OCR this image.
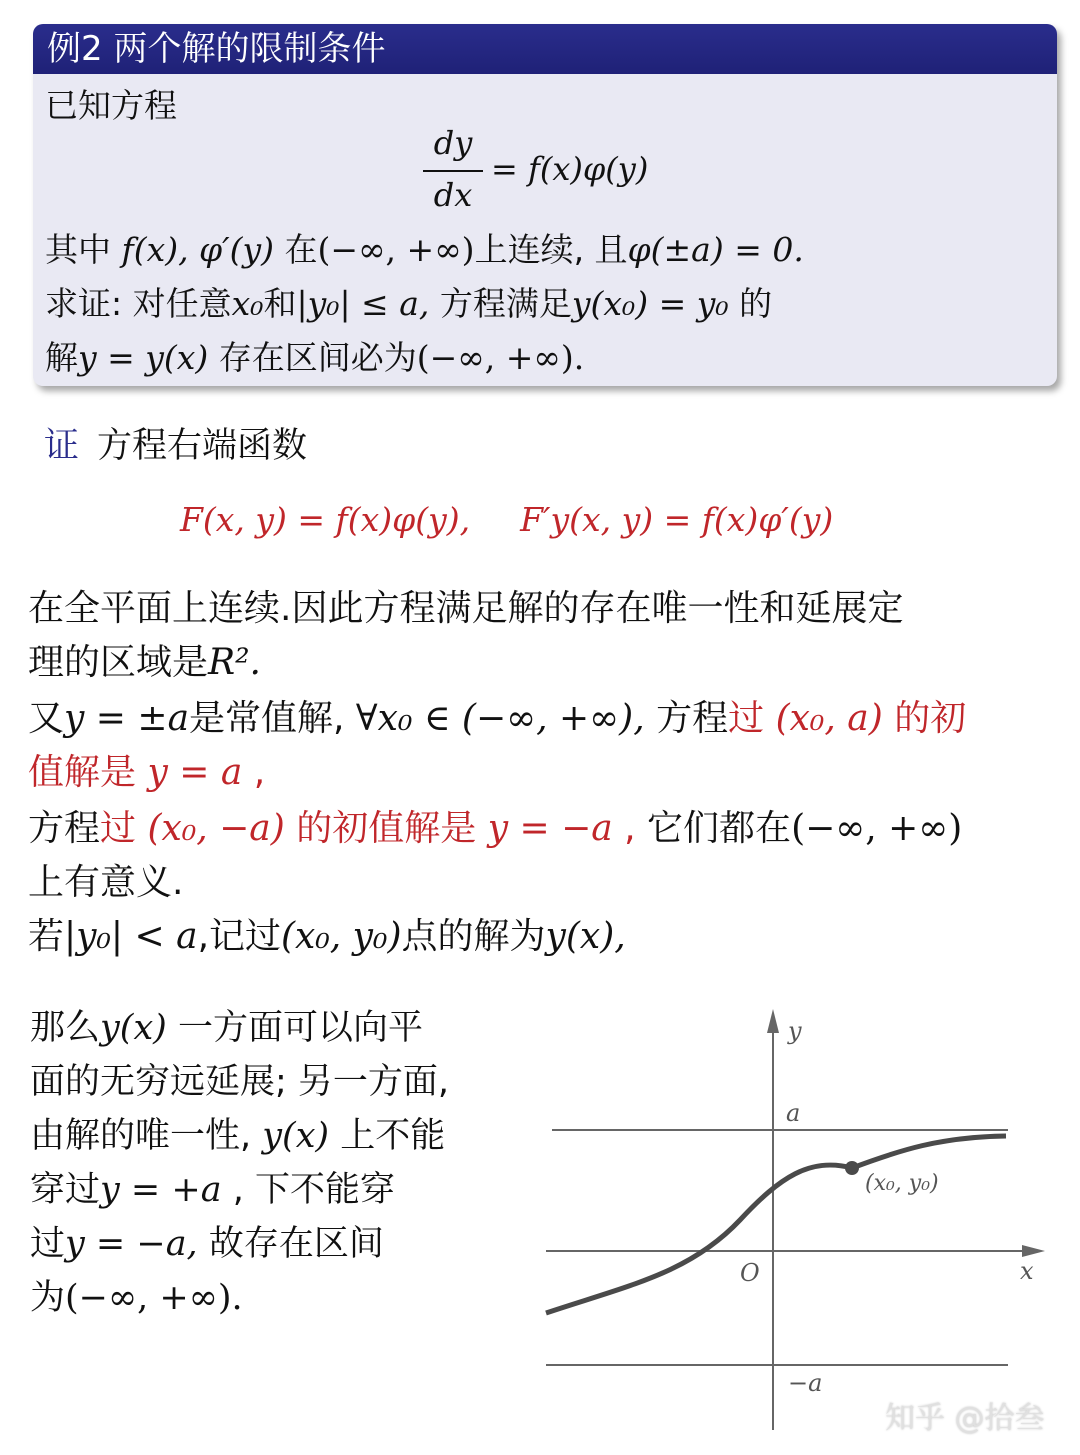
例2 两个解的限制条件
已知方程
dy
dx
= f(x)φ(y)
其中 f(x), φ′(y) 在(−∞, +∞)上连续, 且φ(±a) = 0.
求证: 对任意x₀和|y₀| ≤ a, 方程满足y(x₀) = y₀ 的
解y = y(x) 存在区间必为(−∞, +∞).
证 方程右端函数
F(x, y) = f(x)φ(y), F′y(x, y) = f(x)φ′(y)
在全平面上连续.因此方程满足解的存在唯一性和延展定
理的区域是R².
又y = ±a是常值解, ∀x₀ ∈ (−∞, +∞), 方程过 (x₀, a) 的初
值解是 y = a ,
方程过 (x₀, −a) 的初值解是 y = −a , 它们都在(−∞, +∞)
上有意义.
若|y₀| < a,记过(x₀, y₀)点的解为y(x),
那么y(x) 一方面可以向平
面的无穷远延展; 另一方面,
由解的唯一性, y(x) 上不能
穿过y = +a , 下不能穿
过y = −a, 故存在区间
为(−∞, +∞).
y
x
a
−a
O
(x₀, y₀)
知乎 @拾叁
